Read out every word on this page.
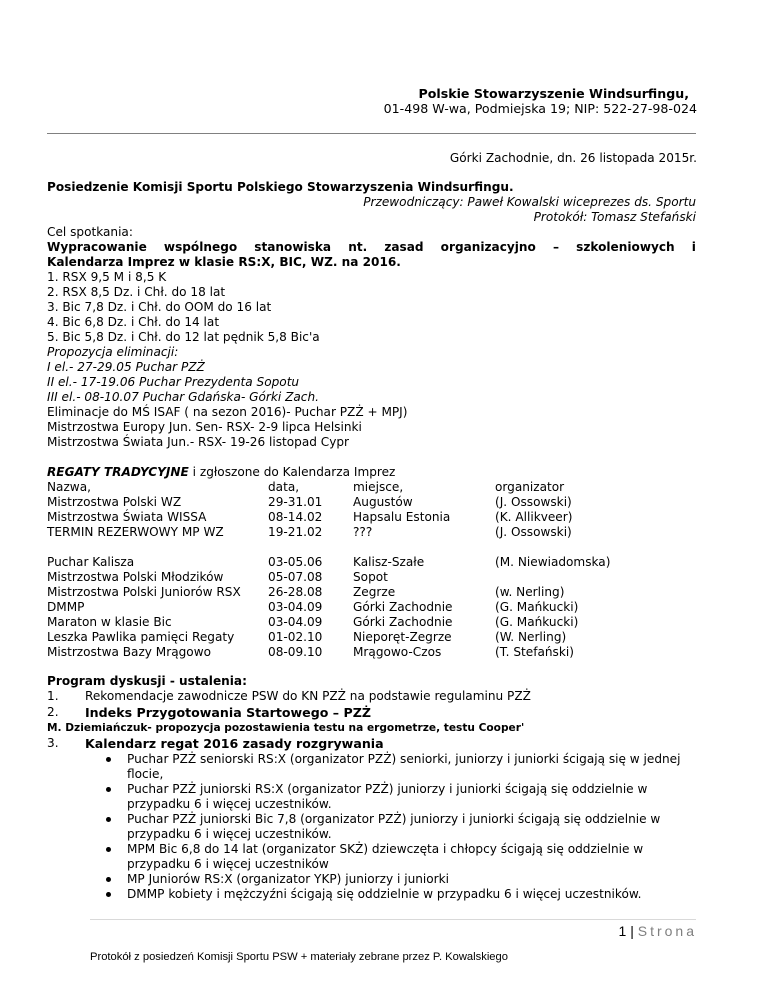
Polskie Stowarzyszenie Windsurfingu,
01-498 W-wa, Podmiejska 19; NIP: 522-27-98-024
Górki Zachodnie, dn. 26 listopada 2015r.
Posiedzenie Komisji Sportu Polskiego Stowarzyszenia Windsurfingu.
Przewodniczący: Paweł Kowalski wiceprezes ds. Sportu
Protokół: Tomasz Stefański
Cel spotkania:
Wypracowanie wspólnego stanowiska nt. zasad organizacyjno – szkoleniowych i
Kalendarza Imprez w klasie RS:X, BIC, WZ. na 2016.
1. RSX 9,5 M i 8,5 K
2. RSX 8,5 Dz. i Chł. do 18 lat
3. Bic 7,8 Dz. i Chł. do OOM do 16 lat
4. Bic 6,8 Dz. i Chł. do 14 lat
5. Bic 5,8 Dz. i Chł. do 12 lat pędnik 5,8 Bic'a
Propozycja eliminacji:
I el.- 27-29.05 Puchar PZŻ
II el.- 17-19.06 Puchar Prezydenta Sopotu
III el.- 08-10.07 Puchar Gdańska- Górki Zach.
Eliminacje do MŚ ISAF ( na sezon 2016)- Puchar PZŻ + MPJ)
Mistrzostwa Europy Jun. Sen- RSX- 2-9 lipca Helsinki
Mistrzostwa Świata Jun.- RSX- 19-26 listopad Cypr
REGATY TRADYCYJNE i zgłoszone do Kalendarza Imprez
Nazwa,	data,	miejsce,	organizator
Mistrzostwa Polski WZ	29-31.01	Augustów	(J. Ossowski)
Mistrzostwa Świata WISSA	08-14.02	Hapsalu Estonia	(K. Allikveer)
TERMIN REZERWOWY MP WZ	19-21.02	???	(J. Ossowski)
Puchar Kalisza	03-05.06	Kalisz-Szałe	(M. Niewiadomska)
Mistrzostwa Polski Młodzików	05-07.08	Sopot
Mistrzostwa Polski Juniorów RSX	26-28.08	Zegrze	(w. Nerling)
DMMP	03-04.09	Górki Zachodnie	(G. Mańkucki)
Maraton w klasie Bic	03-04.09	Górki Zachodnie	(G. Mańkucki)
Leszka Pawlika pamięci Regaty	01-02.10	Nieporęt-Zegrze	(W. Nerling)
Mistrzostwa Bazy Mrągowo	08-09.10	Mrągowo-Czos	(T. Stefański)
Program dyskusji - ustalenia:
1.	Rekomendacje zawodnicze PSW do KN PZŻ na podstawie regulaminu PZŻ
2.	Indeks Przygotowania Startowego – PZŻ
M. Dziemiańczuk- propozycja pozostawienia testu na ergometrze, testu Cooper'
3.	Kalendarz regat 2016 zasady rozgrywania
Puchar PZŻ seniorski RS:X (organizator PZŻ) seniorki, juniorzy i juniorki ścigają się w jednej flocie,
Puchar PZŻ juniorski RS:X (organizator PZŻ) juniorzy i juniorki ścigają się oddzielnie w przypadku 6 i więcej uczestników.
Puchar PZŻ juniorski Bic 7,8 (organizator PZŻ) juniorzy i juniorki ścigają się oddzielnie w przypadku 6 i więcej uczestników.
MPM Bic 6,8 do 14 lat (organizator SKŻ) dziewczęta i chłopcy ścigają się oddzielnie w przypadku 6 i więcej uczestników
MP Juniorów RS:X (organizator YKP) juniorzy i juniorki
DMMP kobiety i mężczyźni ścigają się oddzielnie w przypadku 6 i więcej uczestników.
1 | Strona
Protokół z posiedzeń Komisji Sportu PSW + materiały zebrane przez P. Kowalskiego
